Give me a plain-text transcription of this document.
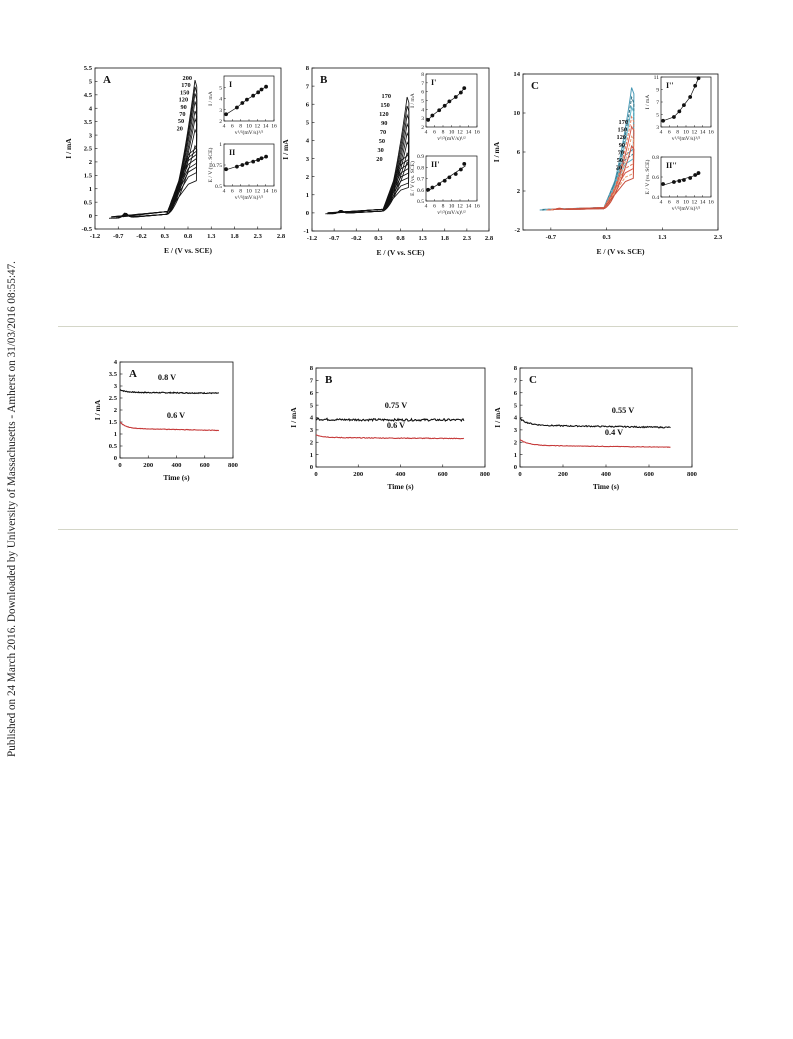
Published on 24 March 2016. Downloaded by University of Massachusetts - Amherst on 31/03/2016 08:55:47.
-1.2 -0.7 -0.2 0.3 0.8 1.3 1.8 2.3 2.8
-0.5
0
0.5
1
1.5
2
2.5
3
3.5
4
4.5
5
5.5
E / (V vs. SCE)
I / mA
A	200
170
150
120
90
70
50
20	4 6 8 10 12 14 16
2
3
4
5
v¹/²(mV/s)¹/²
I / mA
I
4 6 8 10 12 14 16
0.5
0.75
1
v¹/²(mV/s)¹/²
E / V (vs. SCE) II
-1.2 -0.7 -0.2 0.3 0.8 1.3 1.8 2.3 2.8
-1
0
1
2
3
4
5
6
7
8
E / (V vs. SCE)
I / mA
B
170
150
120
90
70
50
30
20
4 6 8 10 12 14 16
2
3
4
5
6
7
8
v¹/²(mV/s)¹/²
I / mA
I'
4 6 8 10 12 14 16
0.5
0.6
0.7
0.8
0.9
v¹/²(mV/s)¹/²
E / V (vs. SCE) II'
-0.7	0.3	1.3	2.3
-2
2
6
10
14
E / (V vs. SCE)
I / mA
C
170
150
120
90
70
50
20
4 6 8 10 12 14 16
3
5
7
9
11
v¹/²(mV/s)¹/²
I / mA
I''
4 6 8 10 12 14 16
0.4
0.6
0.8
v¹/²(mV/s)¹/²
E / V (vs. SCE) II''
0	200	400	600	800
0
0.5
1
1.5
2
2.5
3
3.5
4
Time (s)
I / mA
A	0.8 V
0.6 V
0	200	400	600	800
0
1
2
3
4
5
6
7
8
Time (s)
I / mA
B
0.75 V
0.6 V
0	200	400	600	800
0
1
2
3
4
5
6
7
8
Time (s)
I / mA
C
0.55 V
0.4 V
